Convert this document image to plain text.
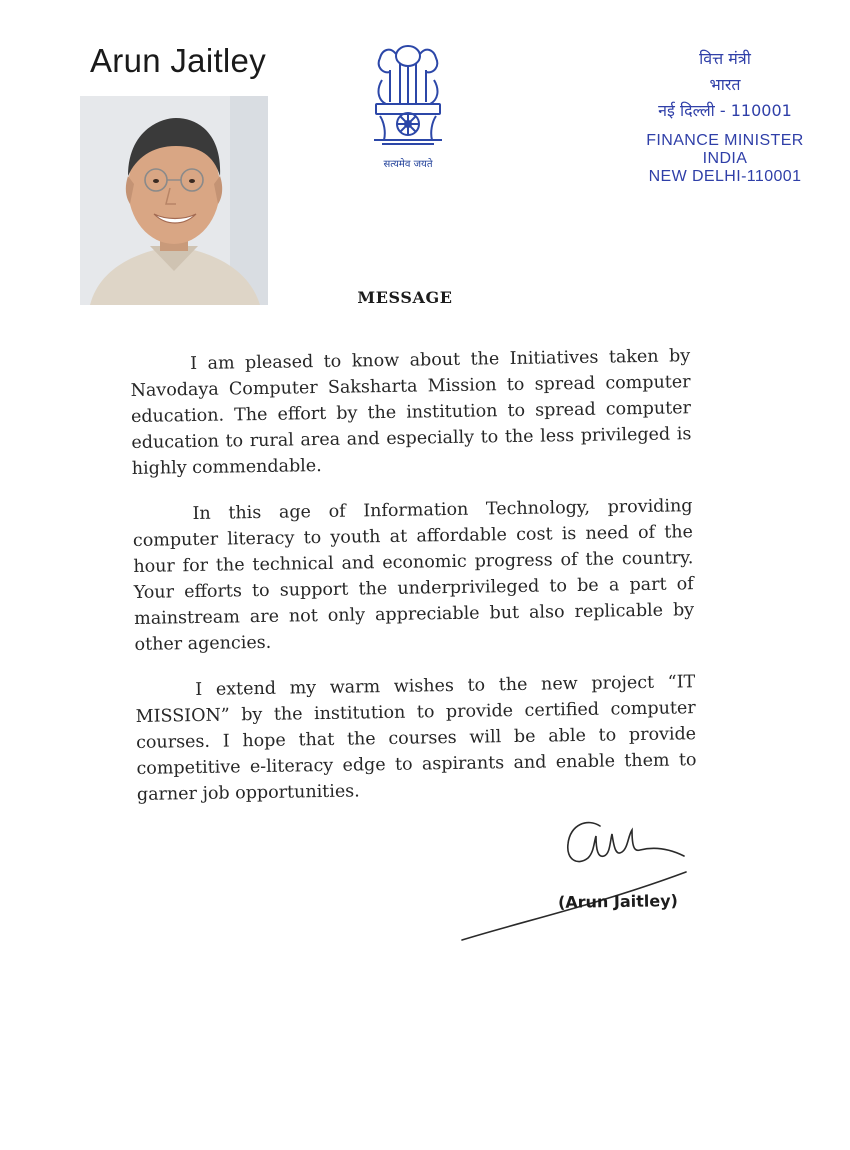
Arun Jaitley
सत्यमेव जयते
वित्त मंत्री
भारत
नई दिल्ली - 110001
FINANCE MINISTER
INDIA
NEW DELHI-110001
MESSAGE

I am pleased to know about the Initiatives taken by Navodaya Computer Saksharta Mission to spread computer education. The effort by the institution to spread computer education to rural area and especially to the less privileged is highly commendable.

In this age of Information Technology, providing computer literacy to youth at affordable cost is need of the hour for the technical and economic progress of the country. Your efforts to support the underprivileged to be a part of mainstream are not only appreciable but also replicable by other agencies.

I extend my warm wishes to the new project “IT MISSION” by the institution to provide certified computer courses. I hope that the courses will be able to provide competitive e-literacy edge to aspirants and enable them to garner job opportunities.

(Arun Jaitley)
